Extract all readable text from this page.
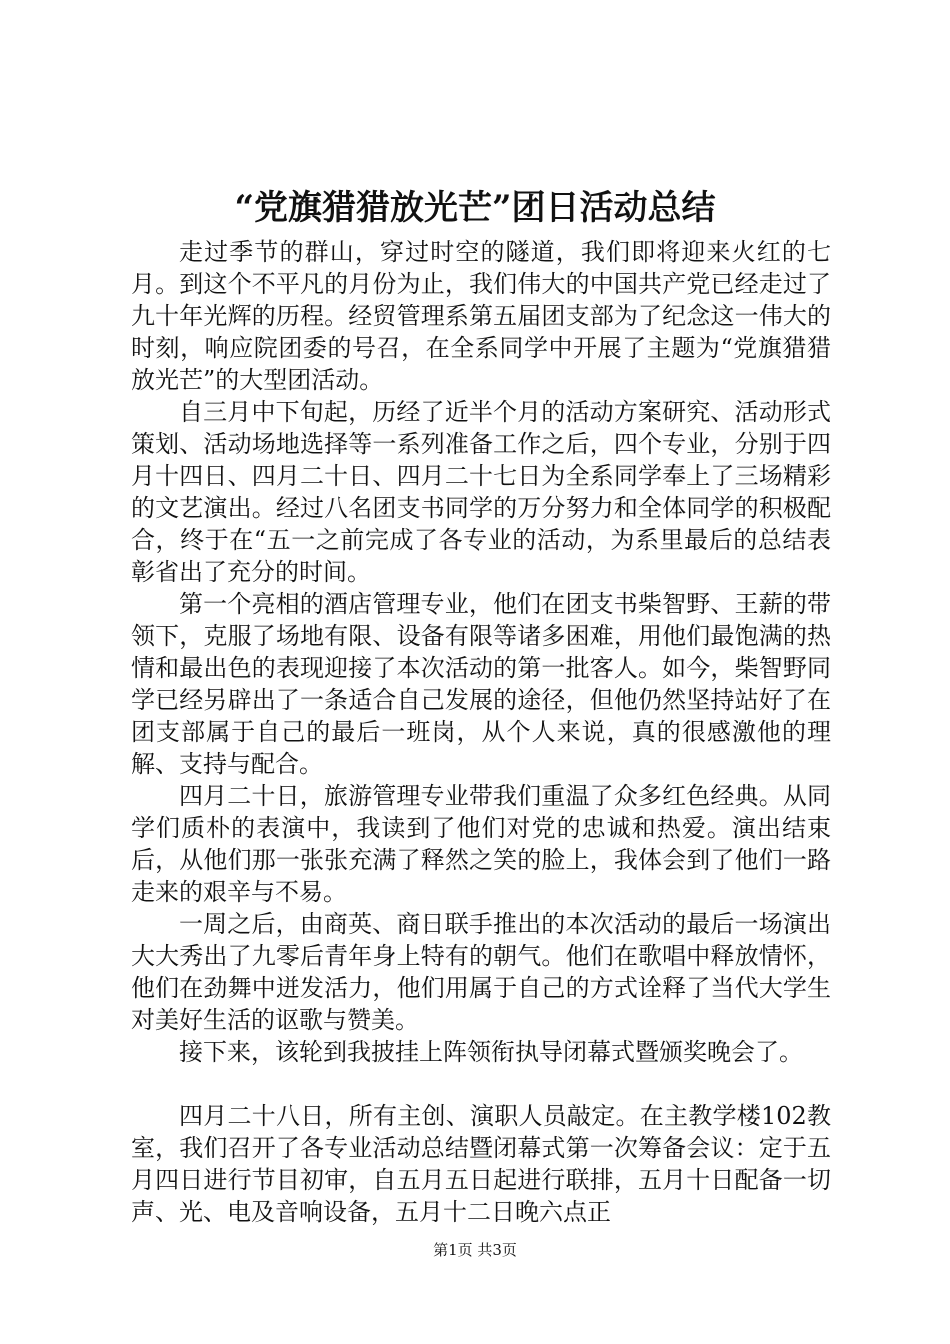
“党旗猎猎放光芒”团日活动总结

走过季节的群山，穿过时空的隧道，我们即将迎来火红的七月。到这个不平凡的月份为止，我们伟大的中国共产党已经走过了九十年光辉的历程。经贸管理系第五届团支部为了纪念这一伟大的时刻，响应院团委的号召，在全系同学中开展了主题为“党旗猎猎放光芒”的大型团活动。

自三月中下旬起，历经了近半个月的活动方案研究、活动形式策划、活动场地选择等一系列准备工作之后，四个专业，分别于四月十四日、四月二十日、四月二十七日为全系同学奉上了三场精彩的文艺演出。经过八名团支书同学的万分努力和全体同学的积极配合，终于在“五一之前完成了各专业的活动，为系里最后的总结表彰省出了充分的时间。

第一个亮相的酒店管理专业，他们在团支书柴智野、王薪的带领下，克服了场地有限、设备有限等诸多困难，用他们最饱满的热情和最出色的表现迎接了本次活动的第一批客人。如今，柴智野同学已经另辟出了一条适合自己发展的途径，但他仍然坚持站好了在团支部属于自己的最后一班岗，从个人来说，真的很感激他的理解、支持与配合。

四月二十日，旅游管理专业带我们重温了众多红色经典。从同学们质朴的表演中，我读到了他们对党的忠诚和热爱。演出结束后，从他们那一张张充满了释然之笑的脸上，我体会到了他们一路走来的艰辛与不易。

一周之后，由商英、商日联手推出的本次活动的最后一场演出大大秀出了九零后青年身上特有的朝气。他们在歌唱中释放情怀，他们在劲舞中迸发活力，他们用属于自己的方式诠释了当代大学生对美好生活的讴歌与赞美。

接下来，该轮到我披挂上阵领衔执导闭幕式暨颁奖晚会了。

四月二十八日，所有主创、演职人员敲定。在主教学楼102教室，我们召开了各专业活动总结暨闭幕式第一次筹备会议：定于五月四日进行节目初审，自五月五日起进行联排，五月十日配备一切声、光、电及音响设备，五月十二日晚六点正

第1页 共3页
